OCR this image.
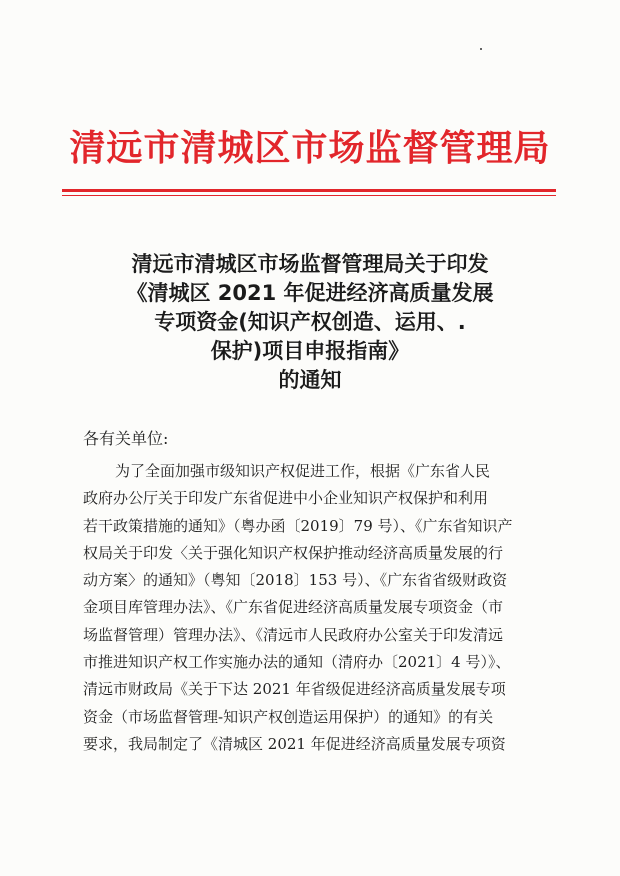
清远市清城区市场监督管理局
清远市清城区市场监督管理局关于印发
《清城区 2021 年促进经济高质量发展
专项资金(知识产权创造、运用、.
保护)项目申报指南》
的通知
各有关单位:
为了全面加强市级知识产权促进工作，根据《广东省人民
政府办公厅关于印发广东省促进中小企业知识产权保护和利用
若干政策措施的通知》（粤办函〔2019〕79 号）、《广东省知识产
权局关于印发〈关于强化知识产权保护推动经济高质量发展的行
动方案〉的通知》（粤知〔2018〕153 号）、《广东省省级财政资
金项目库管理办法》、《广东省促进经济高质量发展专项资金（市
场监督管理）管理办法》、《清远市人民政府办公室关于印发清远
市推进知识产权工作实施办法的通知（清府办〔2021〕4 号）》、
清远市财政局《关于下达 2021 年省级促进经济高质量发展专项
资金（市场监督管理-知识产权创造运用保护）的通知》的有关
要求，我局制定了《清城区 2021 年促进经济高质量发展专项资
